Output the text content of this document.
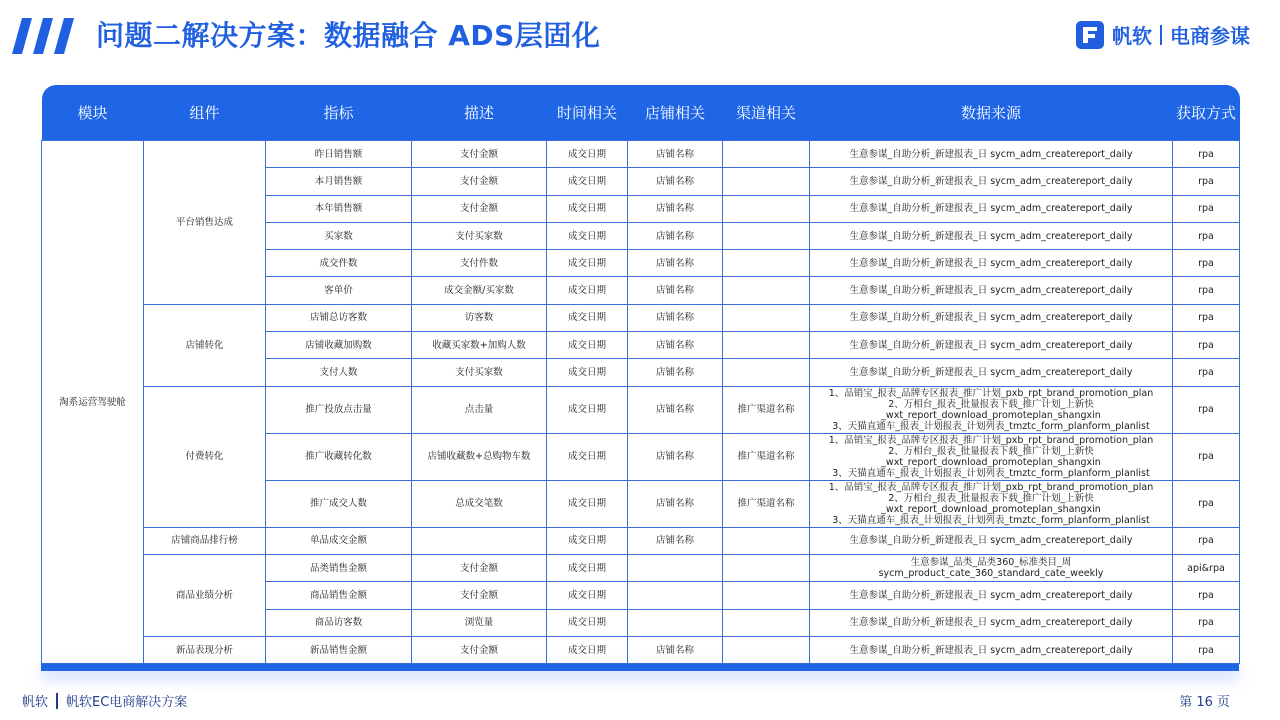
问题二解决方案：数据融合 ADS层固化	帆软 电商参谋
模块	组件	指标	描述	时间相关	店铺相关	渠道相关	数据来源	获取方式
淘系运营驾驶舱	平台销售达成	昨日销售额	支付金额	成交日期	店铺名称		生意参谋_自助分析_新建报表_日 sycm_adm_createreport_daily	rpa
		本月销售额	支付金额	成交日期	店铺名称		生意参谋_自助分析_新建报表_日 sycm_adm_createreport_daily	rpa
		本年销售额	支付金额	成交日期	店铺名称		生意参谋_自助分析_新建报表_日 sycm_adm_createreport_daily	rpa
		买家数	支付买家数	成交日期	店铺名称		生意参谋_自助分析_新建报表_日 sycm_adm_createreport_daily	rpa
		成交件数	支付件数	成交日期	店铺名称		生意参谋_自助分析_新建报表_日 sycm_adm_createreport_daily	rpa
		客单价	成交金额/买家数	成交日期	店铺名称		生意参谋_自助分析_新建报表_日 sycm_adm_createreport_daily	rpa
	店铺转化	店铺总访客数	访客数	成交日期	店铺名称		生意参谋_自助分析_新建报表_日 sycm_adm_createreport_daily	rpa
		店铺收藏加购数	收藏买家数+加购人数	成交日期	店铺名称		生意参谋_自助分析_新建报表_日 sycm_adm_createreport_daily	rpa
		支付人数	支付买家数	成交日期	店铺名称		生意参谋_自助分析_新建报表_日 sycm_adm_createreport_daily	rpa
	付费转化	推广投放点击量	点击量	成交日期	店铺名称	推广渠道名称	1、品销宝_报表_品牌专区报表_推广计划_pxb_rpt_brand_promotion_plan
2、万相台_报表_批量报表下载_推广计划_上新快
_wxt_report_download_promoteplan_shangxin
3、天猫直通车_报表_计划报表_计划列表_tmztc_form_planform_planlist	rpa
		推广收藏转化数	店铺收藏数+总购物车数	成交日期	店铺名称	推广渠道名称	1、品销宝_报表_品牌专区报表_推广计划_pxb_rpt_brand_promotion_plan
2、万相台_报表_批量报表下载_推广计划_上新快
_wxt_report_download_promoteplan_shangxin
3、天猫直通车_报表_计划报表_计划列表_tmztc_form_planform_planlist	rpa
		推广成交人数	总成交笔数	成交日期	店铺名称	推广渠道名称	1、品销宝_报表_品牌专区报表_推广计划_pxb_rpt_brand_promotion_plan
2、万相台_报表_批量报表下载_推广计划_上新快
_wxt_report_download_promoteplan_shangxin
3、天猫直通车_报表_计划报表_计划列表_tmztc_form_planform_planlist	rpa
	店铺商品排行榜	单品成交金额		成交日期	店铺名称		生意参谋_自助分析_新建报表_日 sycm_adm_createreport_daily	rpa
	商品业绩分析	品类销售金额	支付金额	成交日期			生意参谋_品类_品类360_标准类目_周
sycm_product_cate_360_standard_cate_weekly	api&rpa
		商品销售金额	支付金额	成交日期			生意参谋_自助分析_新建报表_日 sycm_adm_createreport_daily	rpa
		商品访客数	浏览量	成交日期			生意参谋_自助分析_新建报表_日 sycm_adm_createreport_daily	rpa
	新品表现分析	新品销售金额	支付金额	成交日期	店铺名称		生意参谋_自助分析_新建报表_日 sycm_adm_createreport_daily	rpa
帆软 帆软EC电商解决方案	第 16 页
